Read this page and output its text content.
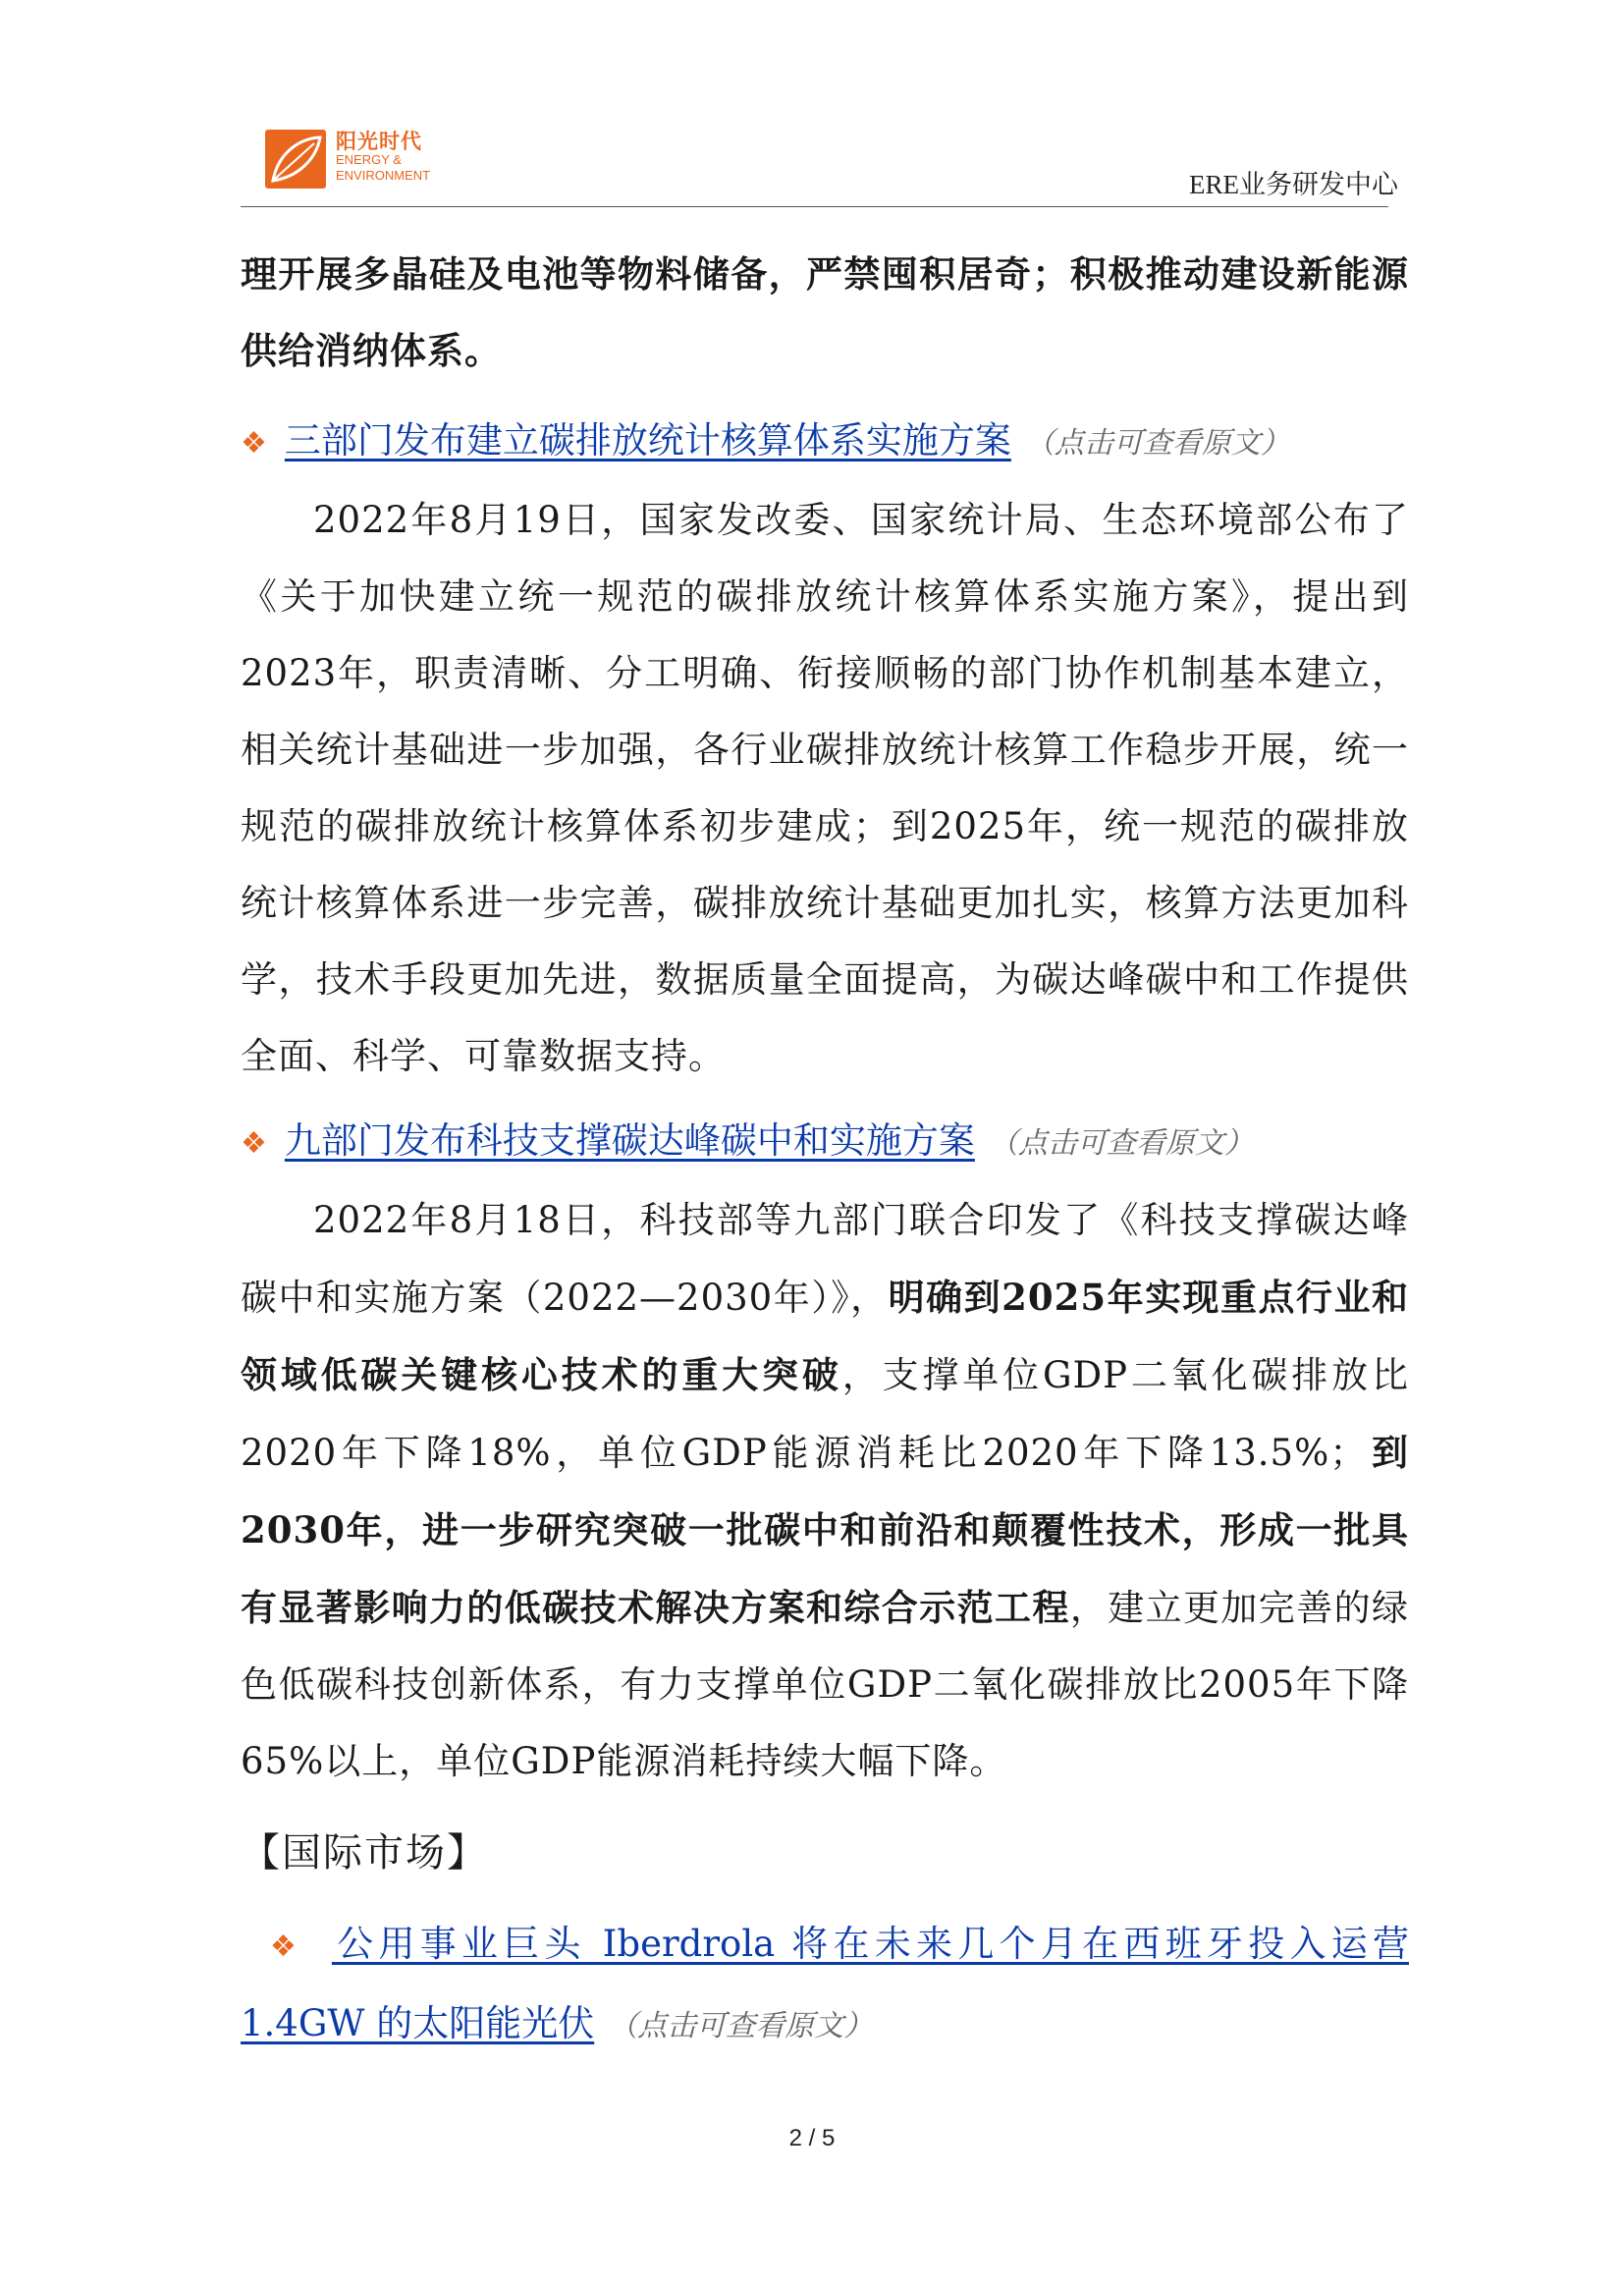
阳光时代
ENERGY &
ENVIRONMENT	ERE业务研发中心

理开展多晶硅及电池等物料储备，严禁囤积居奇；积极推动建设新能源供给消纳体系。

❖ 三部门发布建立碳排放统计核算体系实施方案 （点击可查看原文）

2022年8月19日，国家发改委、国家统计局、生态环境部公布了《关于加快建立统一规范的碳排放统计核算体系实施方案》，提出到2023年，职责清晰、分工明确、衔接顺畅的部门协作机制基本建立，相关统计基础进一步加强，各行业碳排放统计核算工作稳步开展，统一规范的碳排放统计核算体系初步建成；到2025年，统一规范的碳排放统计核算体系进一步完善，碳排放统计基础更加扎实，核算方法更加科学，技术手段更加先进，数据质量全面提高，为碳达峰碳中和工作提供全面、科学、可靠数据支持。

❖ 九部门发布科技支撑碳达峰碳中和实施方案 （点击可查看原文）

2022年8月18日，科技部等九部门联合印发了《科技支撑碳达峰碳中和实施方案（2022—2030年）》，明确到2025年实现重点行业和领域低碳关键核心技术的重大突破，支撑单位GDP二氧化碳排放比2020年下降18%，单位GDP能源消耗比2020年下降13.5%；到2030年，进一步研究突破一批碳中和前沿和颠覆性技术，形成一批具有显著影响力的低碳技术解决方案和综合示范工程，建立更加完善的绿色低碳科技创新体系，有力支撑单位GDP二氧化碳排放比2005年下降65%以上，单位GDP能源消耗持续大幅下降。

【国际市场】

❖ 公用事业巨头 Iberdrola 将在未来几个月在西班牙投入运营 1.4GW 的太阳能光伏 （点击可查看原文）

2 / 5
